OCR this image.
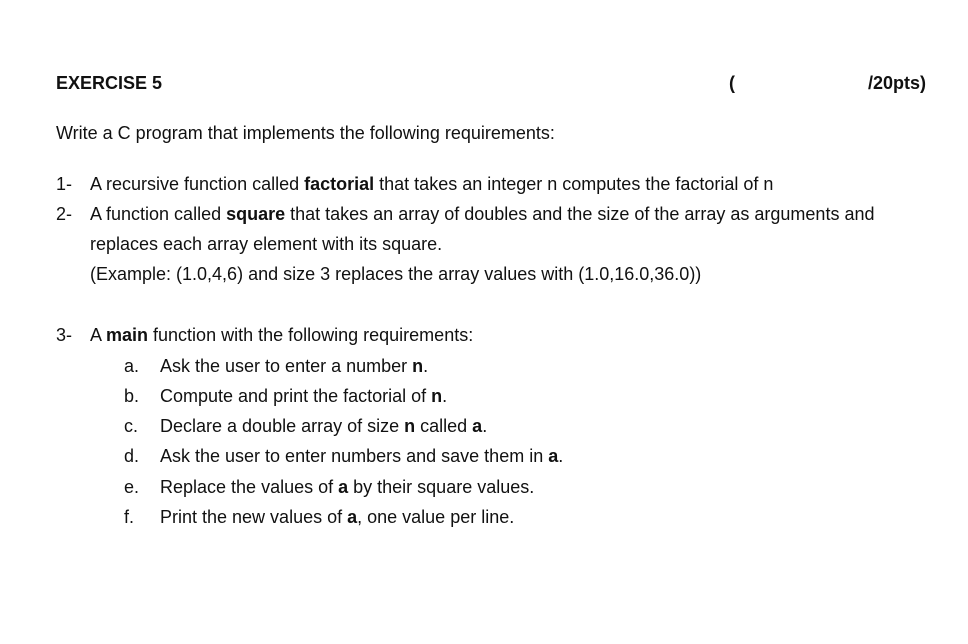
EXERCISE 5	(	/20pts)
Write a C program that implements the following requirements:
1- A recursive function called factorial that takes an integer n computes the factorial of n
2- A function called square that takes an array of doubles and the size of the array as arguments and
replaces each array element with its square.
(Example: (1.0,4,6) and size 3 replaces the array values with (1.0,16.0,36.0))
3- A main function with the following requirements:
a. Ask the user to enter a number n.
b. Compute and print the factorial of n.
c. Declare a double array of size n called a.
d. Ask the user to enter numbers and save them in a.
e. Replace the values of a by their square values.
f. Print the new values of a, one value per line.
